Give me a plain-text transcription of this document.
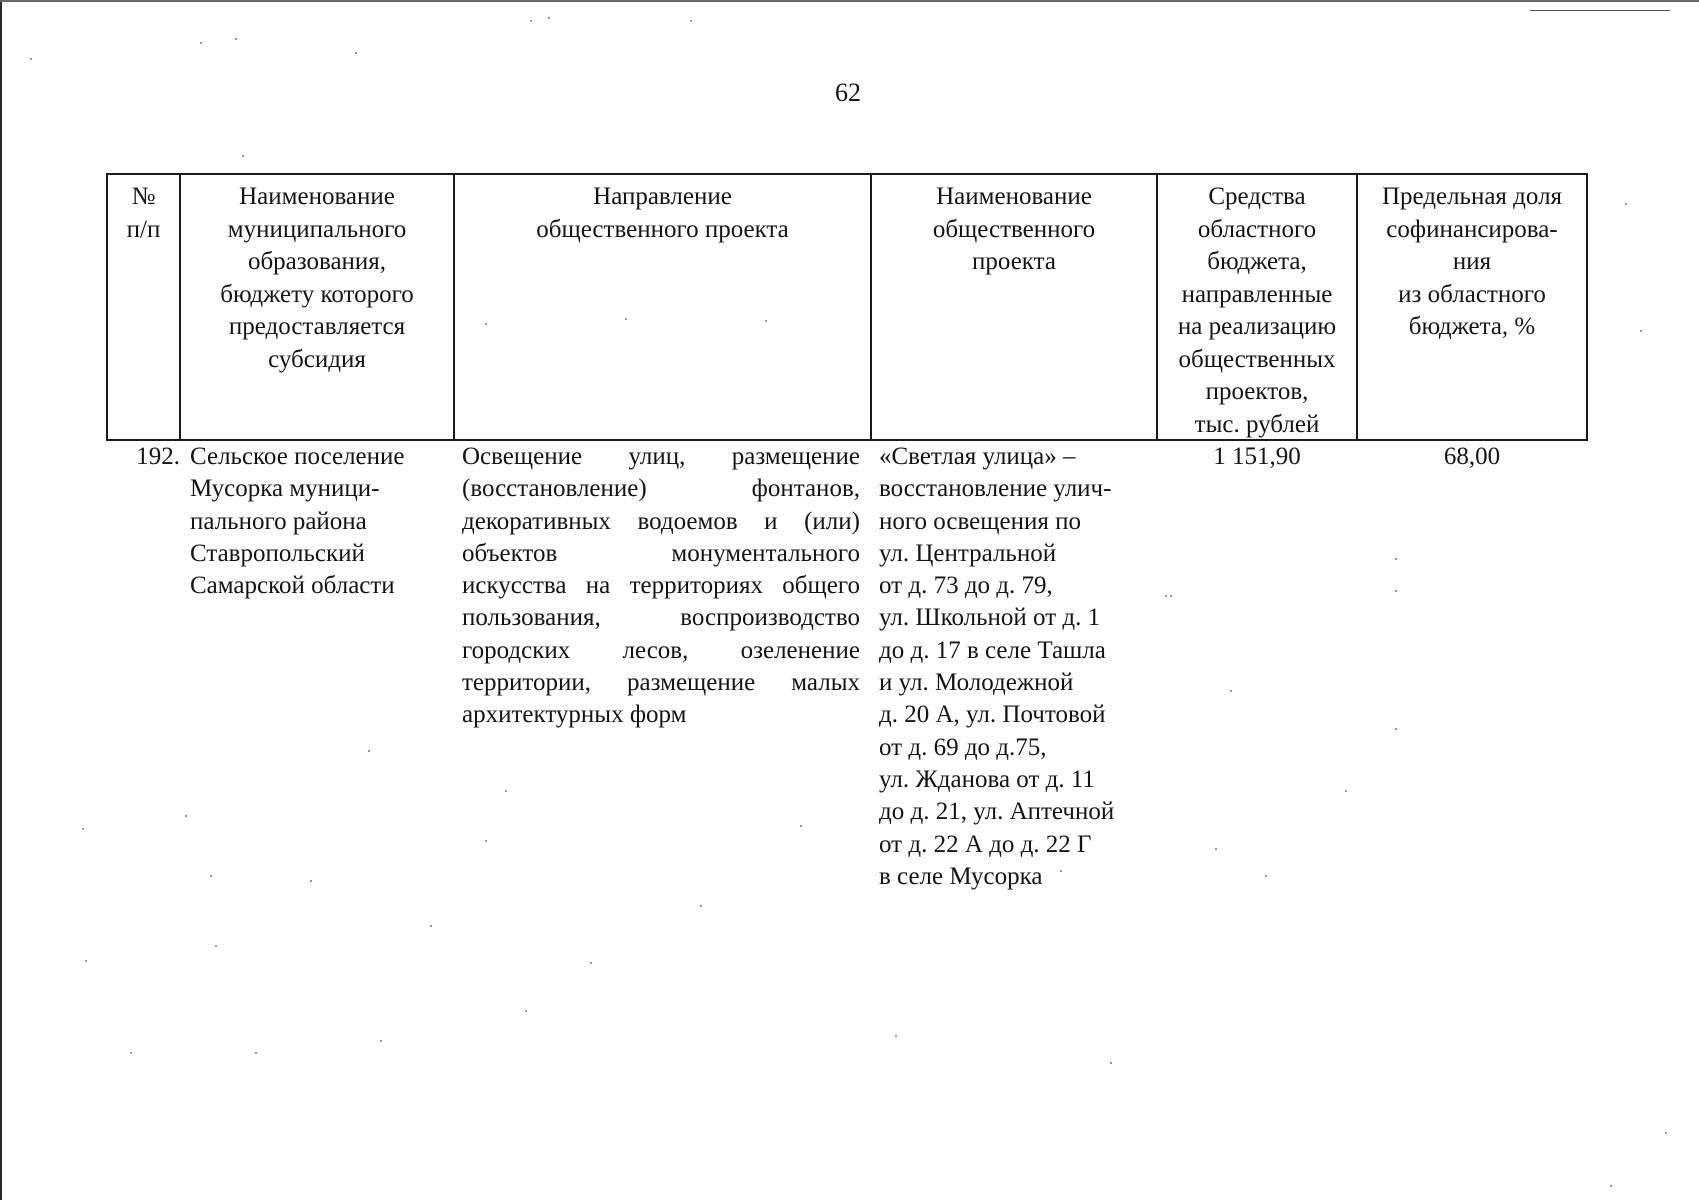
62
№
п/п
Наименование
муниципального
образования,
бюджету которого
предоставляется
субсидия
Направление
общественного проекта
Наименование
общественного
проекта
Средства
областного
бюджета,
направленные
на реализацию
общественных
проектов,
тыс. рублей
Предельная доля
софинансирова-
ния
из областного
бюджета, %
192. Сельское поселение
Мусорка муници-
пального района
Ставропольский
Самарской области
Освещение улиц, размещение (восстановление) фонтанов, декоративных водоемов и (или) объектов монументального искусства на территориях общего пользования, воспроизводство городских лесов, озеленение территории, размещение малых архитектурных форм
«Светлая улица» –
восстановление улич-
ного освещения по
ул. Центральной
от д. 73 до д. 79,
ул. Школьной от д. 1
до д. 17 в селе Ташла
и ул. Молодежной
д. 20 А, ул. Почтовой
от д. 69 до д.75,
ул. Жданова от д. 11
до д. 21, ул. Аптечной
от д. 22 А до д. 22 Г
в селе Мусорка
1 151,90	68,00
